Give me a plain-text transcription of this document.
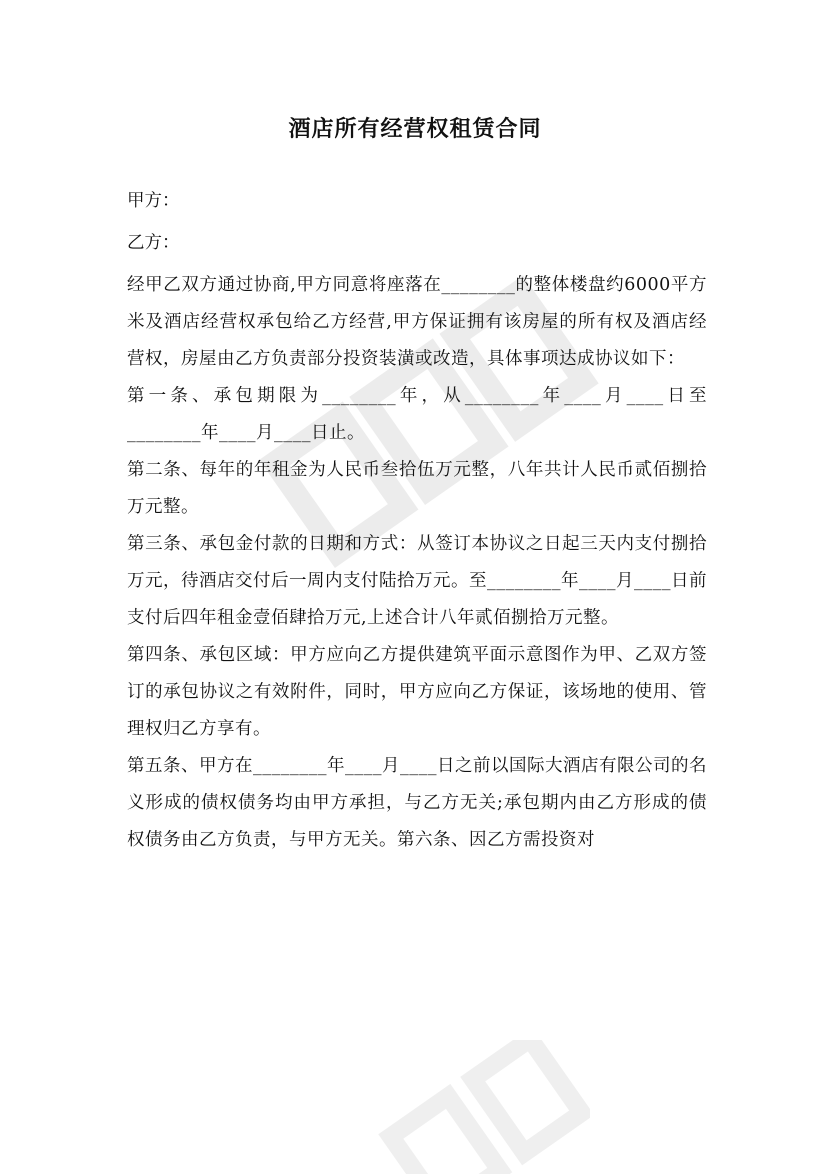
酒店所有经营权租赁合同

甲方：

乙方：

经甲乙双方通过协商,甲方同意将座落在________的整体楼盘约6000平方米及酒店经营权承包给乙方经营,甲方保证拥有该房屋的所有权及酒店经营权，房屋由乙方负责部分投资装潢或改造，具体事项达成协议如下：

第一条、承包期限为________年，从________年____月____日至________年____月____日止。

第二条、每年的年租金为人民币叁拾伍万元整，八年共计人民币贰佰捌拾万元整。

第三条、承包金付款的日期和方式：从签订本协议之日起三天内支付捌拾万元，待酒店交付后一周内支付陆拾万元。至________年____月____日前支付后四年租金壹佰肆拾万元,上述合计八年贰佰捌拾万元整。

第四条、承包区域：甲方应向乙方提供建筑平面示意图作为甲、乙双方签订的承包协议之有效附件，同时，甲方应向乙方保证，该场地的使用、管理权归乙方享有。

第五条、甲方在________年____月____日之前以国际大酒店有限公司的名义形成的债权债务均由甲方承担，与乙方无关;承包期内由乙方形成的债权债务由乙方负责，与甲方无关。第六条、因乙方需投资对
